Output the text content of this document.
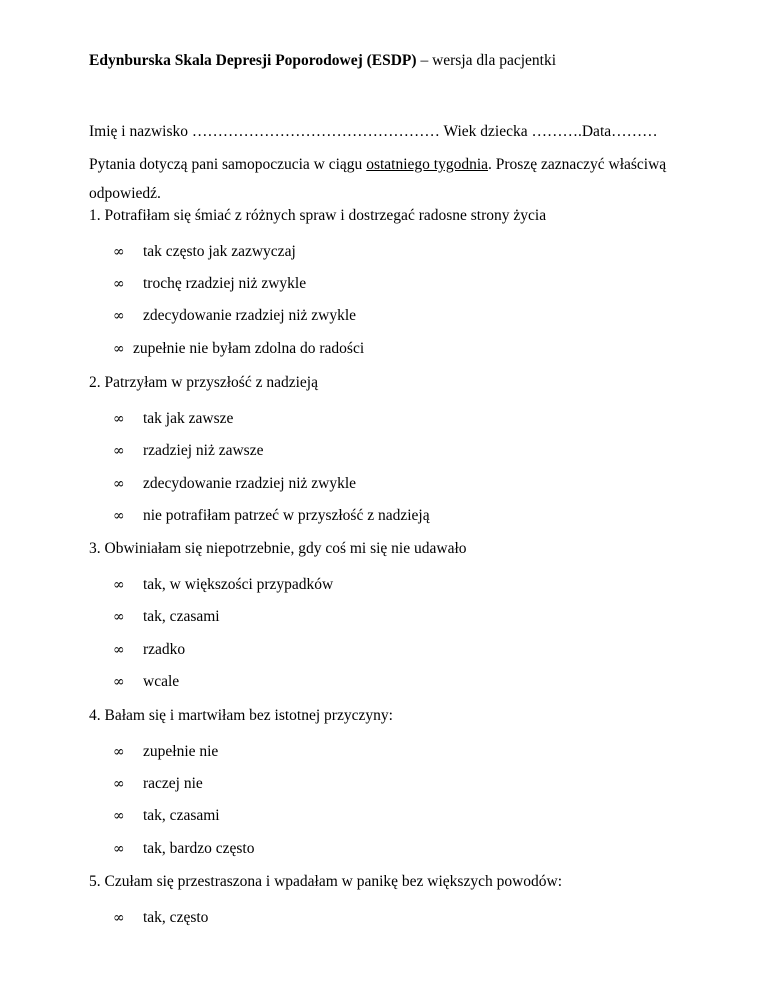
Edynburska Skala Depresji Poporodowej (ESDP) – wersja dla pacjentki
Imię i nazwisko ………………………………………… Wiek dziecka ……….Data………
Pytania dotyczą pani samopoczucia w ciągu ostatniego tygodnia. Proszę zaznaczyć właściwą odpowiedź.
1. Potrafiłam się śmiać z różnych spraw i dostrzegać radosne strony życia
∞ tak często jak zazwyczaj
∞ trochę rzadziej niż zwykle
∞ zdecydowanie rzadziej niż zwykle
∞ zupełnie nie byłam zdolna do radości
2. Patrzyłam w przyszłość z nadzieją
∞ tak jak zawsze
∞ rzadziej niż zawsze
∞ zdecydowanie rzadziej niż zwykle
∞ nie potrafiłam patrzeć w przyszłość z nadzieją
3. Obwiniałam się niepotrzebnie, gdy coś mi się nie udawało
∞ tak, w większości przypadków
∞ tak, czasami
∞ rzadko
∞ wcale
4. Bałam się i martwiłam bez istotnej przyczyny:
∞ zupełnie nie
∞ raczej nie
∞ tak, czasami
∞ tak, bardzo często
5. Czułam się przestraszona i wpadałam w panikę bez większych powodów:
∞ tak, często
